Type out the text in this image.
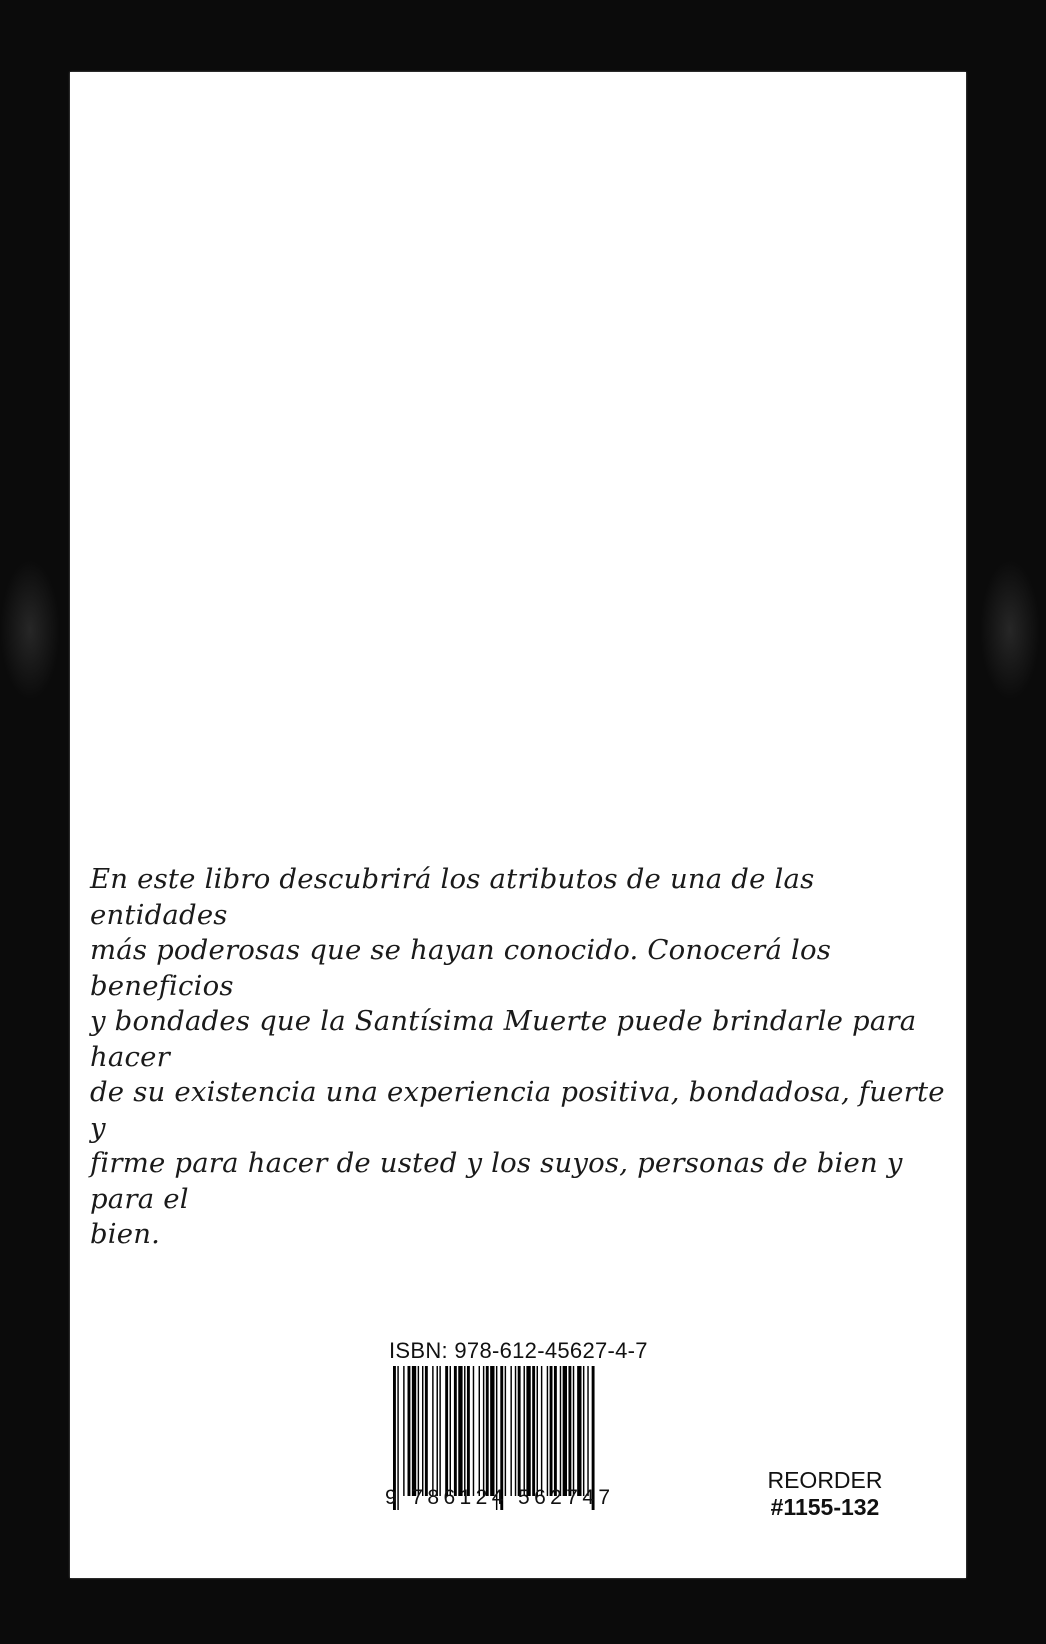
En este libro descubrirá los atributos de una de las entidades
más poderosas que se hayan conocido. Conocerá los beneficios
y bondades que la Santísima Muerte puede brindarle para hacer
de su existencia una experiencia positiva, bondadosa, fuerte y
firme para hacer de usted y los suyos, personas de bien y para el
bien.
ISBN: 978-612-45627-4-7
9 786124 562747
REORDER
#1155-132
